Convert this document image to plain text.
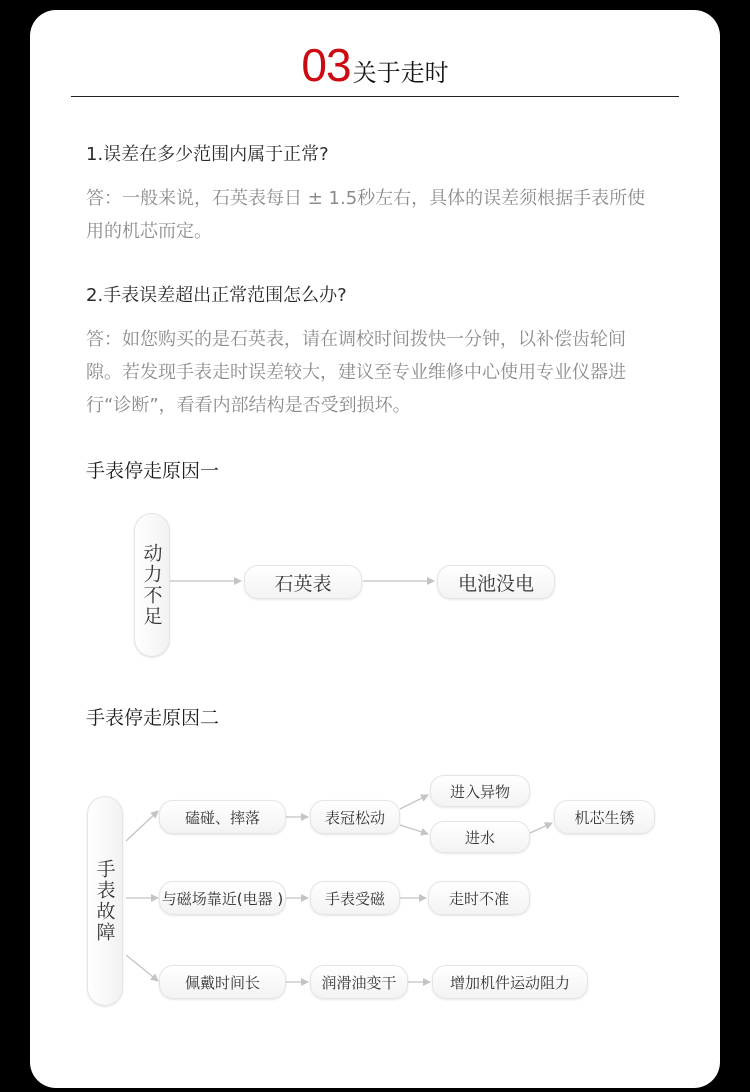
03关于走时
1.误差在多少范围内属于正常?
答：一般来说，石英表每日 ± 1.5秒左右，具体的误差须根据手表所使
用的机芯而定。
2.手表误差超出正常范围怎么办?
答：如您购买的是石英表，请在调校时间拨快一分钟，以补偿齿轮间
隙。若发现手表走时误差较大，建议至专业维修中心使用专业仪器进
行“诊断”，看看内部结构是否受到损坏。
手表停走原因一
动力不足	石英表	电池没电
手表停走原因二
手表故障
磕碰、摔落	表冠松动
进入异物
进水
机芯生锈
与磁场靠近(电器 )	手表受磁	走时不准
佩戴时间长	润滑油变干	增加机件运动阻力
